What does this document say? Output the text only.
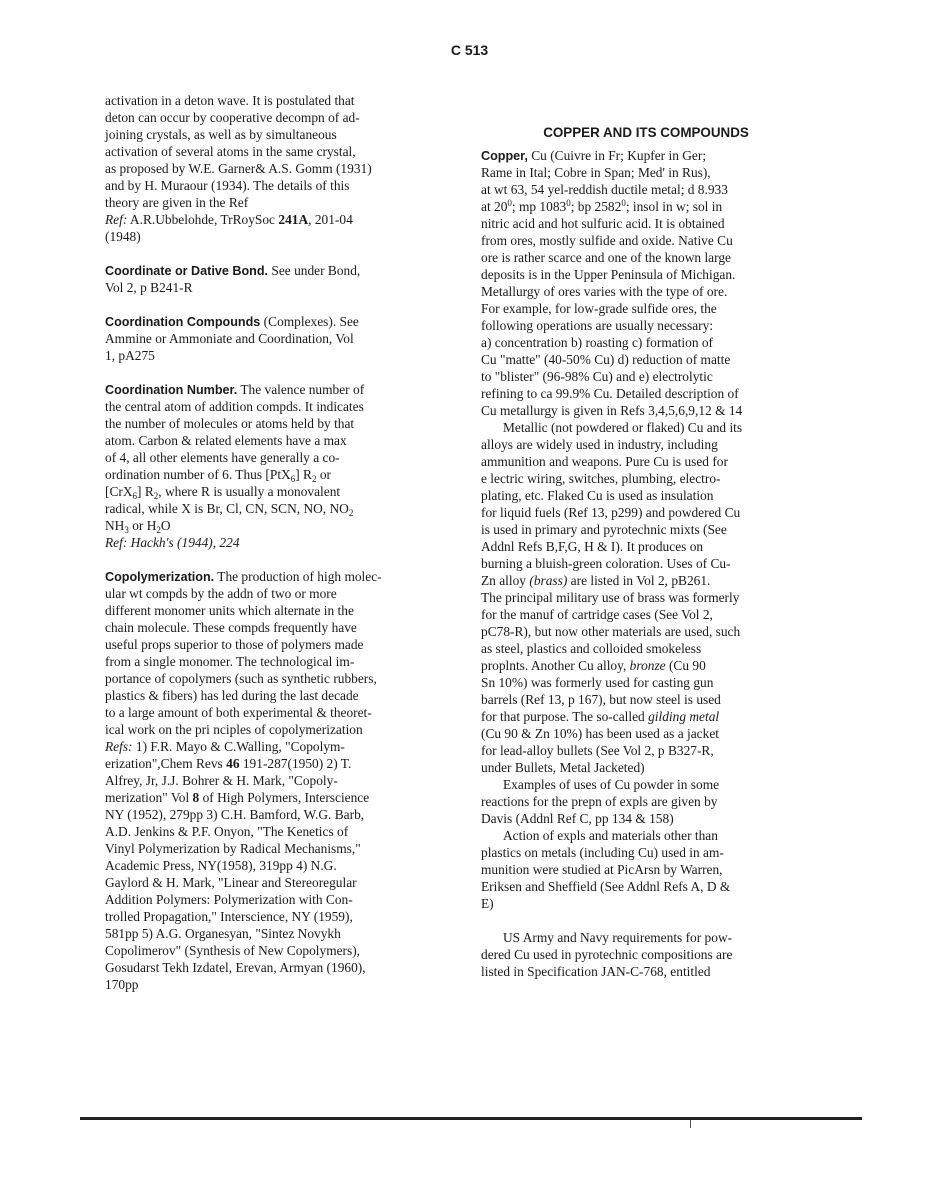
C 513
activation in a deton wave. It is postulated that
deton can occur by cooperative decompn of ad-
joining crystals, as well as by simultaneous
activation of several atoms in the same crystal,
as proposed by W.E. Garner& A.S. Gomm (1931)
and by H. Muraour (1934). The details of this
theory are given in the Ref
Ref: A.R.Ubbelohde, TrRoySoc 241A, 201-04
(1948)
Coordinate or Dative Bond. See under Bond,
Vol 2, p B241-R
Coordination Compounds (Complexes). See
Ammine or Ammoniate and Coordination, Vol
1, pA275
Coordination Number. The valence number of
the central atom of addition compds. It indicates
the number of molecules or atoms held by that
atom. Carbon & related elements have a max
of 4, all other elements have generally a co-
ordination number of 6. Thus [PtX$_6$] $R_2$ or
[CrX$_6$] $R_2$, where R is usually a monovalent
radical, while X is Br, Cl, CN, SCN, NO, $NO_2$
$NH_3$ or $H_2O$
Ref: Hackh's (1944), 224
Copolymerization. The production of high molec-
ular wt compds by the addn of two or more
different monomer units which alternate in the
chain molecule. These compds frequently have
useful props superior to those of polymers made
from a single monomer. The technological im-
portance of copolymers (such as synthetic rubbers,
plastics & fibers) has led during the last decade
to a large amount of both experimental & theoret-
ical work on the pri nciples of copolymerization
Refs: 1) F.R. Mayo & C.Walling, "Copolym-
erization",Chem Revs 46 191-287(1950) 2) T.
Alfrey, Jr, J.J. Bohrer & H. Mark, "Copoly-
merization" Vol 8 of High Polymers, Interscience
NY (1952), 279pp 3) C.H. Bamford, W.G. Barb,
A.D. Jenkins & P.F. Onyon, "The Kenetics of
Vinyl Polymerization by Radical Mechanisms,"
Academic Press, NY(1958), 319pp 4) N.G.
Gaylord & H. Mark, "Linear and Stereoregular
Addition Polymers: Polymerization with Con-
trolled Propagation," Interscience, NY (1959),
581pp 5) A.G. Organesyan, "Sintez Novykh
Copolimerov" (Synthesis of New Copolymers),
Gosudarst Tekh Izdatel, Erevan, Armyan (1960),
170pp
COPPER AND ITS COMPOUNDS
Copper, Cu (Cuivre in Fr; Kupfer in Ger;
Rame in Ital; Cobre in Span; Med' in Rus),
at wt 63, 54 yel-reddish ductile metal; d 8.933
at $20^0$; mp 1083$^0$; bp 2582$^0$; insol in w; sol in
nitric acid and hot sulfuric acid. It is obtained
from ores, mostly sulfide and oxide. Native Cu
ore is rather scarce and one of the known large
deposits is in the Upper Peninsula of Michigan.
Metallurgy of ores varies with the type of ore.
For example, for low-grade sulfide ores, the
following operations are usually necessary:
a) concentration b) roasting c) formation of
Cu "matte" (40-50% Cu) d) reduction of matte
to "blister" (96-98% Cu) and e) electrolytic
refining to ca 99.9% Cu. Detailed description of
Cu metallurgy is given in Refs 3,4,5,6,9,12 & 14
Metallic (not powdered or flaked) Cu and its
alloys are widely used in industry, including
ammunition and weapons. Pure Cu is used for
e lectric wiring, switches, plumbing, electro-
plating, etc. Flaked Cu is used as insulation
for liquid fuels (Ref 13, p299) and powdered Cu
is used in primary and pyrotechnic mixts (See
Addnl Refs B,F,G, H & I). It produces on
burning a bluish-green coloration. Uses of Cu-
Zn alloy (brass) are listed in Vol 2, pB261.
The principal military use of brass was formerly
for the manuf of cartridge cases (See Vol 2,
pC78-R), but now other materials are used, such
as steel, plastics and colloided smokeless
proplnts. Another Cu alloy, bronze (Cu 90
Sn 10%) was formerly used for casting gun
barrels (Ref 13, p 167), but now steel is used
for that purpose. The so-called gilding metal
(Cu 90 & Zn 10%) has been used as a jacket
for lead-alloy bullets (See Vol 2, p B327-R,
under Bullets, Metal Jacketed)
Examples of uses of Cu powder in some
reactions for the prepn of expls are given by
Davis (Addnl Ref C, pp 134 & 158)
Action of expls and materials other than
plastics on metals (including Cu) used in am-
munition were studied at PicArsn by Warren,
Eriksen and Sheffield (See Addnl Refs A, D &
E)
US Army and Navy requirements for pow-
dered Cu used in pyrotechnic compositions are
listed in Specification JAN-C-768, entitled
